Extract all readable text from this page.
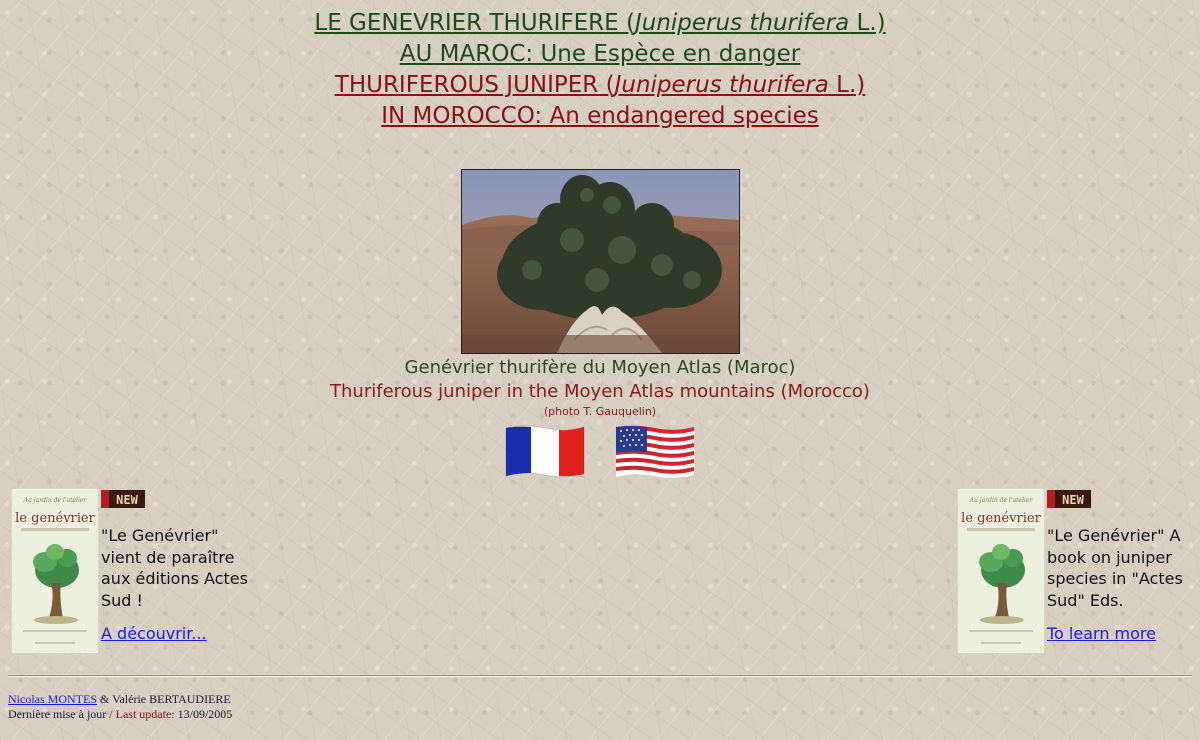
LE GENEVRIER THURIFERE (Juniperus thurifera L.)
AU MAROC: Une Espèce en danger
THURIFEROUS JUNIPER (Juniperus thurifera L.)
IN MOROCCO: An endangered species
Genévrier thurifère du Moyen Atlas (Maroc)
Thuriferous juniper in the Moyen Atlas mountains (Morocco)
(photo T. Gauquelin)
Au jardin de l'atelier
le genévrier
NEW
"Le Genévrier" vient de paraître aux éditions Actes Sud !
A découvrir...
Au jardin de l'atelier
le genévrier
NEW
"Le Genévrier" A book on juniper species in "Actes Sud" Eds.
To learn more
Nicolas MONTES & Valérie BERTAUDIERE
Dernière mise à jour / Last update: 13/09/2005
